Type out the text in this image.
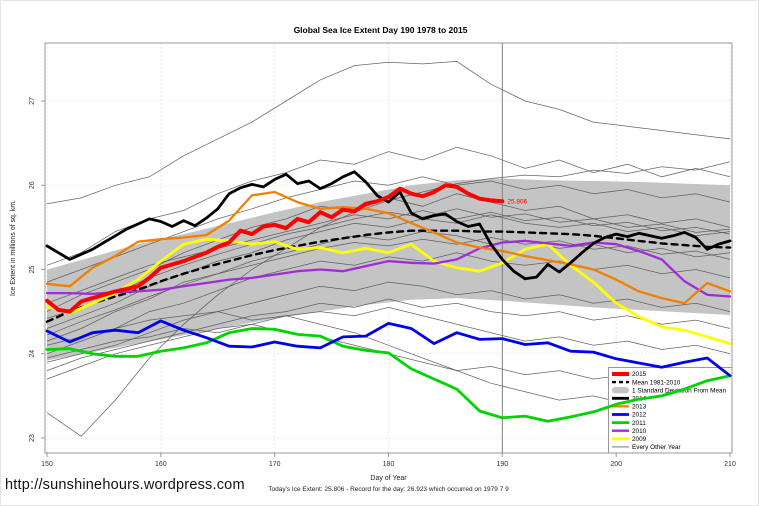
Global Sea Ice Extent Day 190 1978 to 2015
2015
Mean 1981-2010
1 Standard Deviation From Mean
2014
2013
2012
2011
2010
2009
Every Other Year
25.806
150	160	170	180	190	200	210
23
24
25
26
27
Ice Extent in millions of sq. km.
http://sunshinehours.wordpress.com	Day of Year
Today's Ice Extent: 25.806 - Record for the day: 26.923 which occurred on 1979 7 9
